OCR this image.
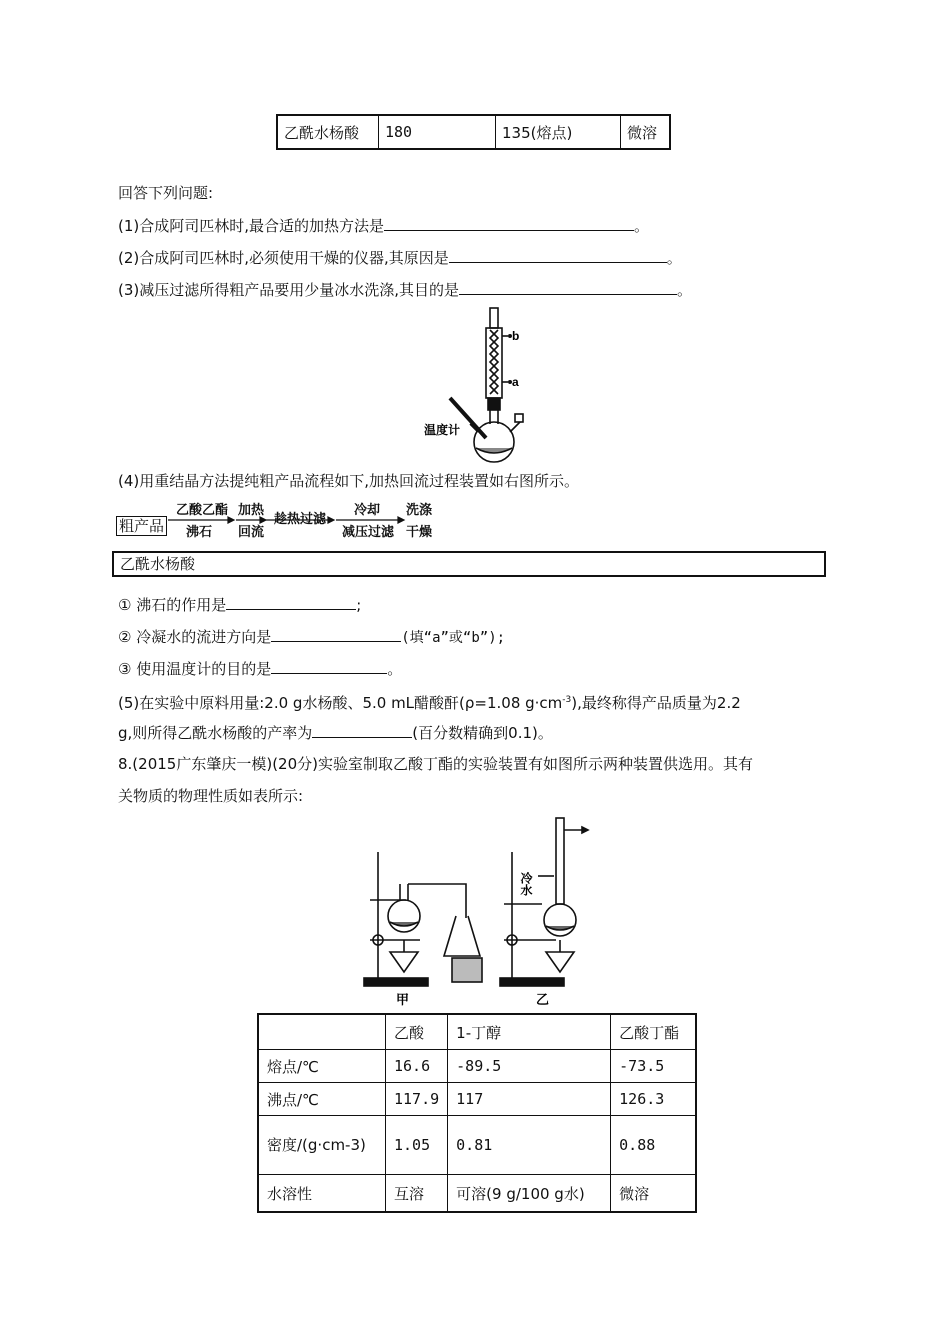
乙酰水杨酸	180	135(熔点)	微溶
回答下列问题:
(1)合成阿司匹林时,最合适的加热方法是	。
(2)合成阿司匹林时,必须使用干燥的仪器,其原因是	。
(3)减压过滤所得粗产品要用少量冰水洗涤,其目的是	。
b
a
温度计
(4)用重结晶方法提纯粗产品流程如下,加热回流过程装置如右图所示。
粗产品
乙酸乙酯
沸石
加热
回流
趁热过滤
冷却
减压过滤
洗涤
干燥
乙酰水杨酸
① 沸石的作用是	;
② 冷凝水的流进方向是	(填“a”或“b”);
③ 使用温度计的目的是	。
(5)在实验中原料用量:2.0 g水杨酸、5.0 mL醋酸酐(ρ=1.08 $g\cdot cm^{-3}$),最终称得产品质量为2.2
g,则所得乙酰水杨酸的产率为	(百分数精确到0.1)。
8.(2015广东肇庆一模)(20分)实验室制取乙酸丁酯的实验装置有如图所示两种装置供选用。其有
关物质的物理性质如表所示:
甲	乙
冷水
	乙酸	1-丁醇	乙酸丁酯
熔点/℃	16.6	-89.5	-73.5
沸点/℃	117.9	117	126.3
密度/(g·cm-3)	1.05	0.81	0.88
水溶性	互溶	可溶(9 g/100 g水)	微溶
